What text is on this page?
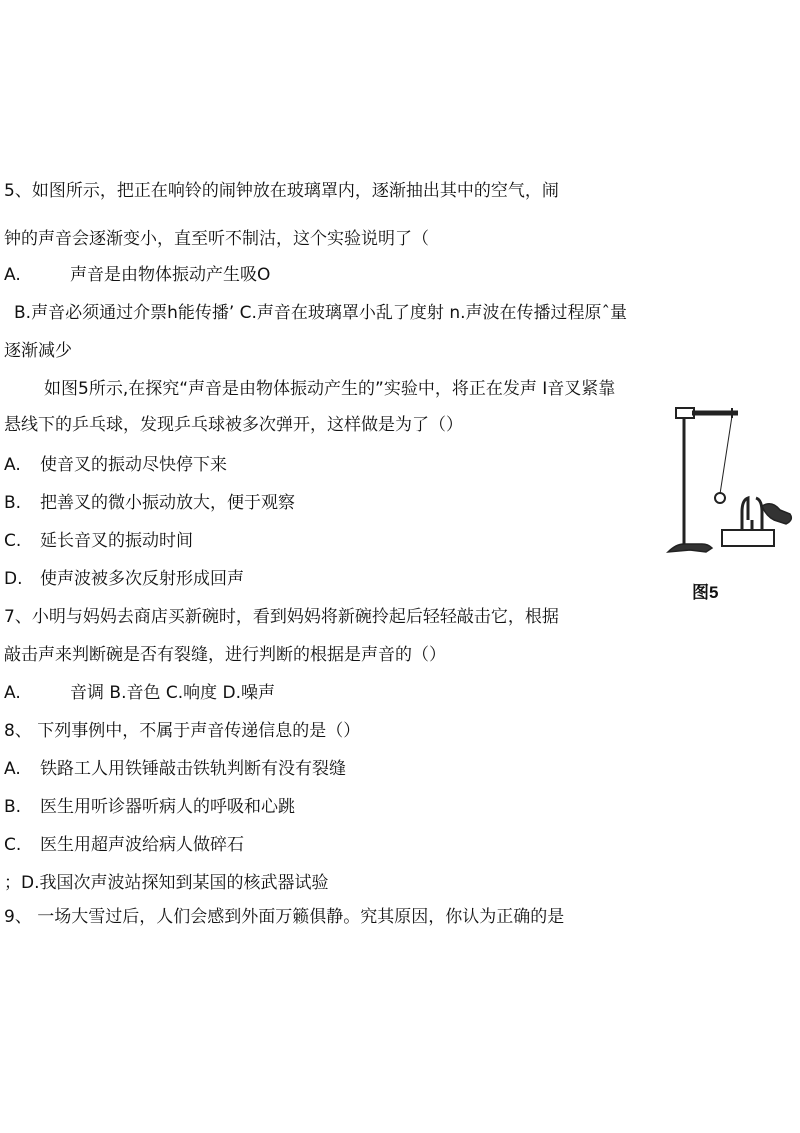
5、如图所示，把正在响铃的闹钟放在玻璃罩内，逐渐抽出其中的空气，闹
钟的声音会逐渐变小，直至听不制沽，这个实验说明了（
A.	声音是由物体振动产生吸O
B.声音必须通过介票h能传播’ C.声音在玻璃罩小乱了度射 n.声波在传播过程原ˆ量
逐渐减少
如图5所示,在探究“声音是由物体振动产生的”实验中，将正在发声 I音叉紧靠
悬线下的乒乓球，发现乒乓球被多次弹开，这样做是为了（）
A. 使音叉的振动尽快停下来
B. 把善叉的微小振动放大，便于观察
C. 延长音叉的振动时间
D. 使声波被多次反射形成回声
图5
7、小明与妈妈去商店买新碗时，看到妈妈将新碗拎起后轻轻敲击它，根据
敲击声来判断碗是否有裂缝，进行判断的根据是声音的（）
A.	音调 B.音色 C.响度 D.噪声
8、 下列事例中，不属于声音传递信息的是（）
A. 铁路工人用铁锤敲击铁轨判断有没有裂缝
B. 医生用听诊器听病人的呼吸和心跳
C. 医生用超声波给病人做碎石
；D.我国次声波站探知到某国的核武器试验
9、 一场大雪过后，人们会感到外面万籁俱静。究其原因，你认为正确的是
